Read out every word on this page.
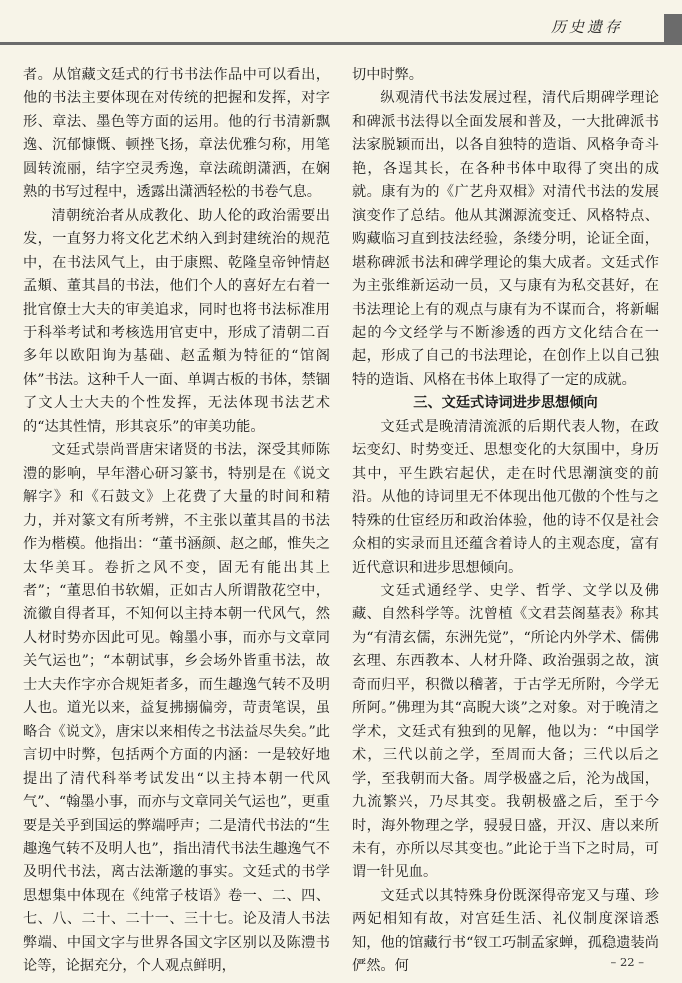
历史遗存

者。从馆藏文廷式的行书书法作品中可以看出，他的书法主要体现在对传统的把握和发挥，对字形、章法、墨色等方面的运用。他的行书清新飘逸、沉郁慷慨、顿挫飞扬，章法优雅匀称，用笔圆转流丽，结字空灵秀逸，章法疏朗潇洒，在娴熟的书写过程中，透露出潇洒轻松的书卷气息。

清朝统治者从成教化、助人伦的政治需要出发，一直努力将文化艺术纳入到封建统治的规范中，在书法风气上，由于康熙、乾隆皇帝钟情赵孟頫、董其昌的书法，他们个人的喜好左右着一批官僚士大夫的审美追求，同时也将书法标准用于科举考试和考核选用官吏中，形成了清朝二百多年以欧阳询为基础、赵孟頫为特征的“馆阁体”书法。这种千人一面、单调古板的书体，禁锢了文人士大夫的个性发挥，无法体现书法艺术的“达其性情，形其哀乐”的审美功能。

文廷式崇尚晋唐宋诸贤的书法，深受其师陈澧的影响，早年潜心研习篆书，特别是在《说文解字》和《石鼓文》上花费了大量的时间和精力，并对篆文有所考辨，不主张以董其昌的书法作为楷模。他指出：“董书涵颜、赵之邮，惟失之太华美耳。卷折之风不变，固无有能出其上者”；“董思伯书软媚，正如古人所谓散花空中，流徽自得者耳，不知何以主持本朝一代风气，然人材时势亦因此可见。翰墨小事，而亦与文章同关气运也”；“本朝试事，乡会场外皆重书法，故士大夫作字亦合规矩者多，而生趣逸气转不及明人也。道光以来，益复拂搦偏旁，苛责笔误，虽略合《说文》，唐宋以来相传之书法益尽失矣。”此言切中时弊，包括两个方面的内涵：一是较好地提出了清代科举考试发出“以主持本朝一代风气”、“翰墨小事，而亦与文章同关气运也”，更重要是关乎到国运的弊端呼声；二是清代书法的“生趣逸气转不及明人也”，指出清代书法生趣逸气不及明代书法，离古法渐邈的事实。文廷式的书学思想集中体现在《纯常子枝语》卷一、二、四、七、八、二十、二十一、三十七。论及清人书法弊端、中国文字与世界各国文字区别以及陈澧书论等，论据充分，个人观点鲜明，

切中时弊。

纵观清代书法发展过程，清代后期碑学理论和碑派书法得以全面发展和普及，一大批碑派书法家脱颖而出，以各自独特的造诣、风格争奇斗艳，各逞其长，在各种书体中取得了突出的成就。康有为的《广艺舟双楫》对清代书法的发展演变作了总结。他从其渊源流变迁、风格特点、购藏临习直到技法经验，条缕分明，论证全面，堪称碑派书法和碑学理论的集大成者。文廷式作为主张维新运动一员，又与康有为私交甚好，在书法理论上有的观点与康有为不谋而合，将新崛起的今文经学与不断渗透的西方文化结合在一起，形成了自己的书法理论，在创作上以自己独特的造诣、风格在书体上取得了一定的成就。

三、文廷式诗词进步思想倾向

文廷式是晚清清流派的后期代表人物，在政坛变幻、时势变迁、思想变化的大氛围中，身历其中，平生跌宕起伏，走在时代思潮演变的前沿。从他的诗词里无不体现出他兀傲的个性与之特殊的仕宦经历和政治体验，他的诗不仅是社会众相的实录而且还蕴含着诗人的主观态度，富有近代意识和进步思想倾向。

文廷式通经学、史学、哲学、文学以及佛藏、自然科学等。沈曾植《文君芸阁墓表》称其为“有清玄儒，东洲先觉”，“所论内外学术、儒佛玄理、东西教本、人材升降、政治强弱之故，演奇而归平，积微以稽著，于古学无所附，今学无所阿。”佛理为其“高睨大谈”之对象。对于晚清之学术，文廷式有独到的见解，他以为：“中国学术，三代以前之学，至周而大备；三代以后之学，至我朝而大备。周学极盛之后，沦为战国，九流繁兴，乃尽其变。我朝极盛之后，至于今时，海外物理之学，骎骎日盛，开汉、唐以来所未有，亦所以尽其变也。”此论于当下之时局，可谓一针见血。

文廷式以其特殊身份既深得帝宠又与瑾、珍两妃相知有故，对宫廷生活、礼仪制度深谙悉知，他的馆藏行书“钗工巧制孟家蝉，孤稳遗装尚俨然。何	– 22 –
